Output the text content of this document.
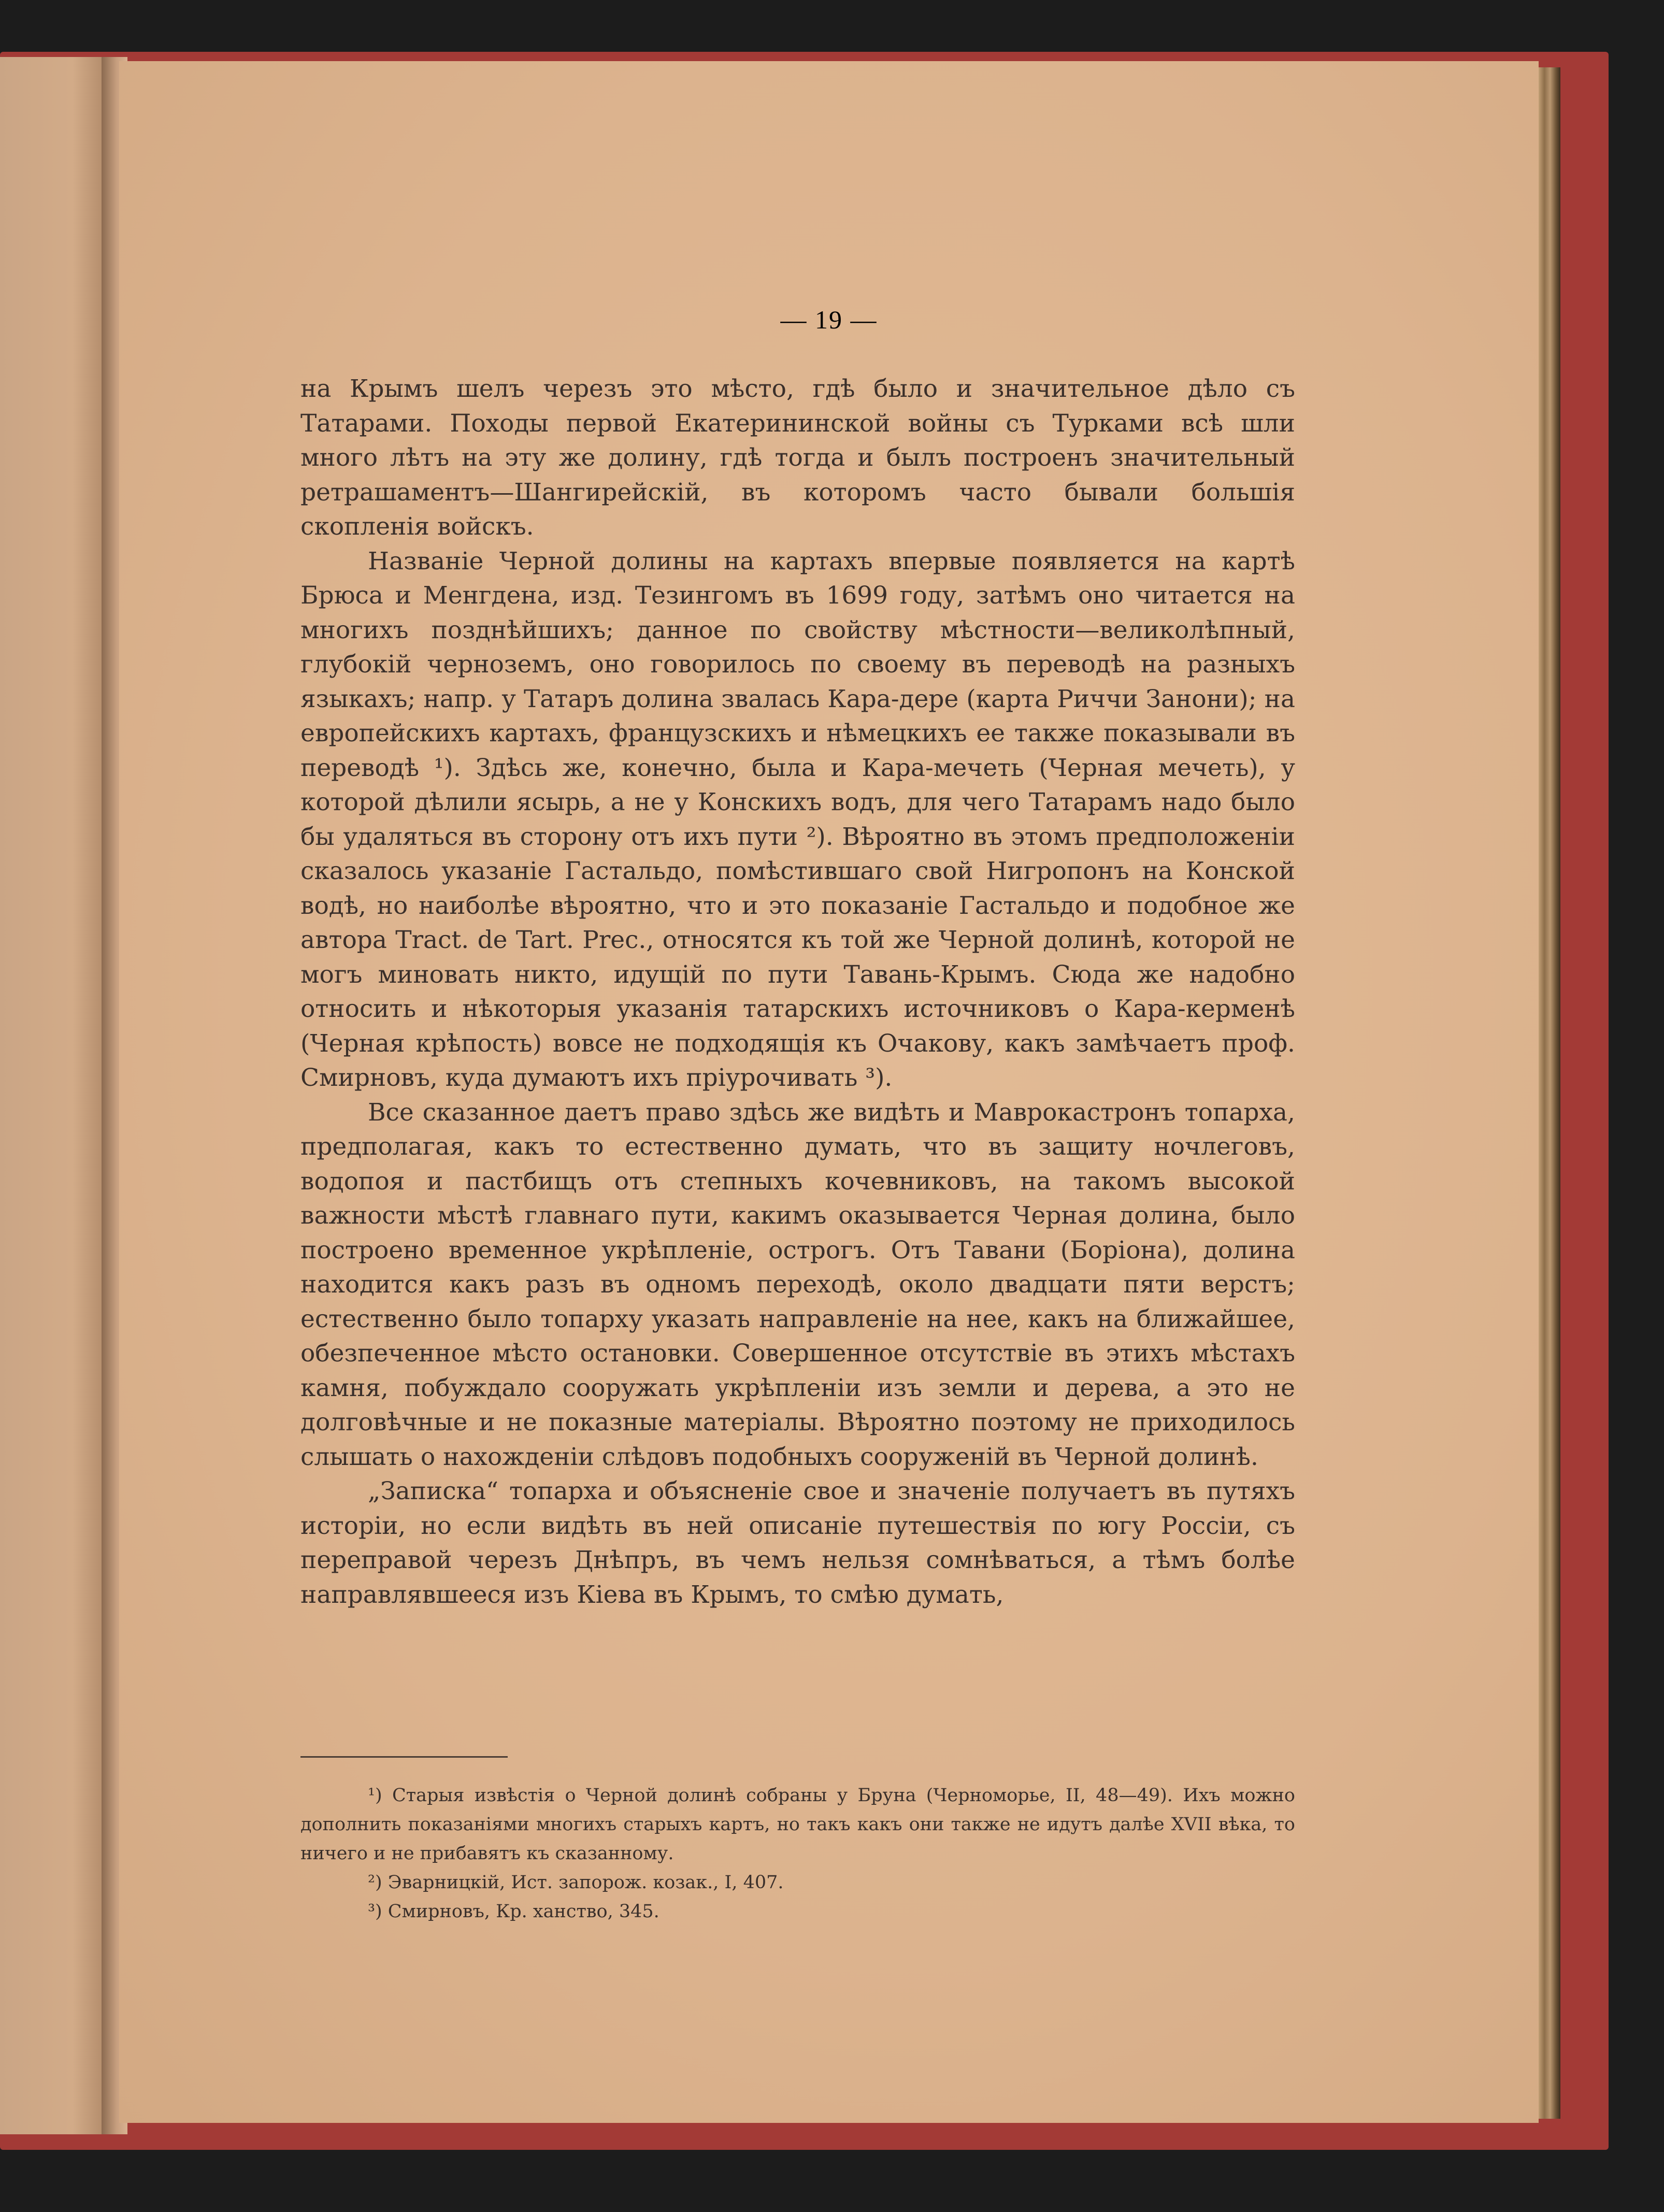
— 19 —

на Крымъ шелъ черезъ это мѣсто, гдѣ было и значительное дѣло съ Татарами. Походы первой Екатерининской войны съ Турками всѣ шли много лѣтъ на эту же долину, гдѣ тогда и былъ построенъ значительный ретрашаментъ—Шангирейскій, въ которомъ часто бывали большія скопленія войскъ.

Названіе Черной долины на картахъ впервые появляется на картѣ Брюса и Менгдена, изд. Тезингомъ въ 1699 году, затѣмъ оно читается на многихъ позднѣйшихъ; данное по свойству мѣстности—великолѣпный, глубокій черноземъ, оно говорилось по своему въ переводѣ на разныхъ языкахъ; напр. у Татаръ долина звалась Кара-дере (карта Риччи Занони); на европейскихъ картахъ, французскихъ и нѣмецкихъ ее также показывали въ переводѣ ¹). Здѣсь же, конечно, была и Кара-мечеть (Черная мечеть), у которой дѣлили ясырь, а не у Конскихъ водъ, для чего Татарамъ надо было бы удаляться въ сторону отъ ихъ пути ²). Вѣроятно въ этомъ предположеніи сказалось указаніе Гастальдо, помѣстившаго свой Нигропонъ на Конской водѣ, но наиболѣе вѣроятно, что и это показаніе Гастальдо и подобное же автора Tract. de Tart. Prec., относятся къ той же Черной долинѣ, которой не могъ миновать никто, идущій по пути Тавань-Крымъ. Сюда же надобно относить и нѣкоторыя указанія татарскихъ источниковъ о Кара-керменѣ (Черная крѣпость) вовсе не подходящія къ Очакову, какъ замѣчаетъ проф. Смирновъ, куда думаютъ ихъ пріурочивать ³).

Все сказанное даетъ право здѣсь же видѣть и Маврокастронъ топарха, предполагая, какъ то естественно думать, что въ защиту ночлеговъ, водопоя и пастбищъ отъ степныхъ кочевниковъ, на такомъ высокой важности мѣстѣ главнаго пути, какимъ оказывается Черная долина, было построено временное укрѣпленіе, острогъ. Отъ Тавани (Боріона), долина находится какъ разъ въ одномъ переходѣ, около двадцати пяти верстъ; естественно было топарху указать направленіе на нее, какъ на ближайшее, обезпеченное мѣсто остановки. Совершенное отсутствіе въ этихъ мѣстахъ камня, побуждало сооружать укрѣпленіи изъ земли и дерева, а это не долговѣчные и не показные матеріалы. Вѣроятно поэтому не приходилось слышать о нахожденіи слѣдовъ подобныхъ сооруженій въ Черной долинѣ.

„Записка“ топарха и объясненіе свое и значеніе получаетъ въ путяхъ исторіи, но если видѣть въ ней описаніе путешествія по югу Россіи, съ переправой черезъ Днѣпръ, въ чемъ нельзя сомнѣваться, а тѣмъ болѣе направлявшееся изъ Кіева въ Крымъ, то смѣю думать,

¹) Старыя извѣстія о Черной долинѣ собраны у Бруна (Черноморье, II, 48—49). Ихъ можно дополнить показаніями многихъ старыхъ картъ, но такъ какъ они также не идутъ далѣе XVII вѣка, то ничего и не прибавятъ къ сказанному.

²) Эварницкій, Ист. запорож. козак., I, 407.

³) Смирновъ, Кр. ханство, 345.
